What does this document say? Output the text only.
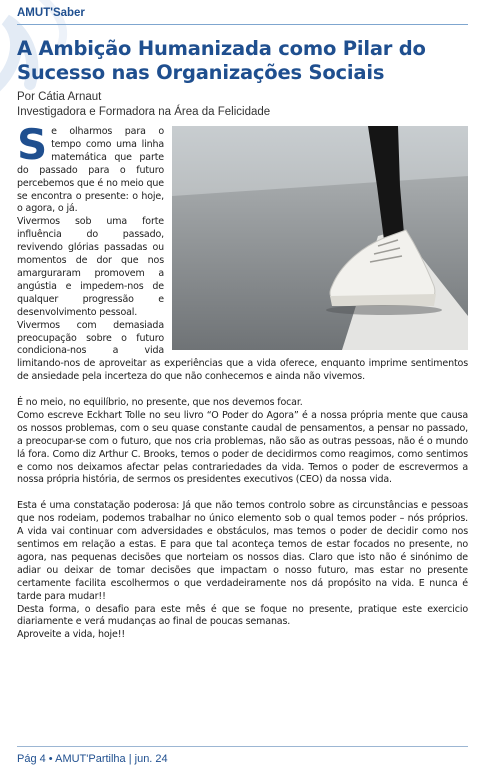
AMUT'Saber
A Ambição Humanizada como Pilar do Sucesso nas Organizações Sociais
Por Cátia Arnaut
Investigadora e Formadora na Área da Felicidade
S e olharmos para o tempo como uma linha matemática que parte do passado para o futuro percebemos que é no meio que se encontra o presente: o hoje, o agora, o já.

Vivermos sob uma forte influência do passado, revivendo glórias passadas ou momentos de dor que nos amarguraram promovem a angústia e impedem-nos de qualquer progressão e desenvolvimento pessoal.

Vivermos com demasiada preocupação sobre o futuro condiciona-nos a vida limitando-nos de aproveitar as experiências que a vida oferece, enquanto imprime sentimentos de ansiedade pela incerteza do que não conhecemos e ainda não vivemos.

É no meio, no equilíbrio, no presente, que nos devemos focar.

Como escreve Eckhart Tolle no seu livro “O Poder do Agora” é a nossa própria mente que causa os nossos problemas, com o seu quase constante caudal de pensamentos, a pensar no passado, a preocupar-se com o futuro, que nos cria problemas, não são as outras pessoas, não é o mundo lá fora. Como diz Arthur C. Brooks, temos o poder de decidirmos como reagimos, como sentimos e como nos deixamos afectar pelas contrariedades da vida. Temos o poder de escrevermos a nossa própria história, de sermos os presidentes executivos (CEO) da nossa vida.

Esta é uma constatação poderosa: Já que não temos controlo sobre as circunstâncias e pessoas que nos rodeiam, podemos trabalhar no único elemento sob o qual temos poder – nós próprios. A vida vai continuar com adversidades e obstáculos, mas temos o poder de decidir como nos sentimos em relação a estas. E para que tal aconteça temos de estar focados no presente, no agora, nas pequenas decisões que norteiam os nossos dias. Claro que isto não é sinónimo de adiar ou deixar de tomar decisões que impactam o nosso futuro, mas estar no presente certamente facilita escolhermos o que verdadeiramente nos dá propósito na vida. E nunca é tarde para mudar!!

Desta forma, o desafio para este mês é que se foque no presente, pratique este exercicio diariamente e verá mudanças ao final de poucas semanas.

Aproveite a vida, hoje!!

Pág 4 • AMUT'Partilha | jun. 24
